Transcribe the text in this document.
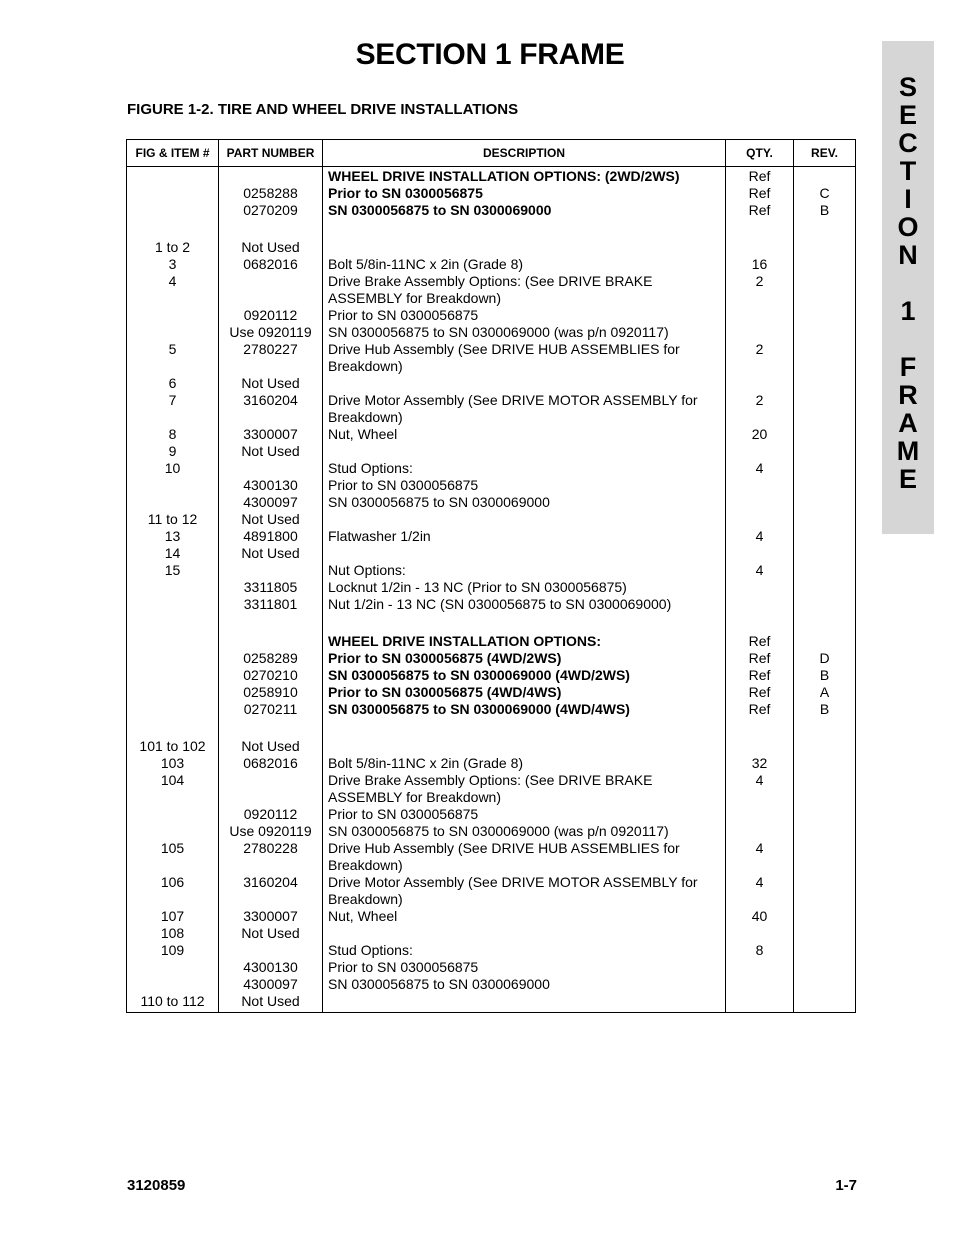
SECTION 1 FRAME
FIGURE 1-2. TIRE AND WHEEL DRIVE INSTALLATIONS
S
E
C
T
I
O
N
1
F
R
A
M
E
FIG & ITEM #	PART NUMBER	DESCRIPTION	QTY.	REV.
		WHEEL DRIVE INSTALLATION OPTIONS: (2WD/2WS)	Ref	
	0258288	Prior to SN 0300056875	Ref	C
	0270209	SN 0300056875 to SN 0300069000	Ref	B

1 to 2	Not Used			
3	0682016	Bolt 5/8in-11NC x 2in (Grade 8)	16	
4		Drive Brake Assembly Options: (See DRIVE BRAKE ASSEMBLY for Breakdown)	2	
	0920112	Prior to SN 0300056875		
	Use 0920119	SN 0300056875 to SN 0300069000 (was p/n 0920117)		
5	2780227	Drive Hub Assembly (See DRIVE HUB ASSEMBLIES for Breakdown)	2	
6	Not Used			
7	3160204	Drive Motor Assembly (See DRIVE MOTOR ASSEMBLY for Breakdown)	2	
8	3300007	Nut, Wheel	20	
9	Not Used			
10		Stud Options:	4	
	4300130	Prior to SN 0300056875		
	4300097	SN 0300056875 to SN 0300069000		
11 to 12	Not Used			
13	4891800	Flatwasher 1/2in	4	
14	Not Used			
15		Nut Options:	4	
	3311805	Locknut 1/2in - 13 NC (Prior to SN 0300056875)		
	3311801	Nut 1/2in - 13 NC (SN 0300056875 to SN 0300069000)		

		WHEEL DRIVE INSTALLATION OPTIONS:	Ref	
	0258289	Prior to SN 0300056875 (4WD/2WS)	Ref	D
	0270210	SN 0300056875 to SN 0300069000 (4WD/2WS)	Ref	B
	0258910	Prior to SN 0300056875 (4WD/4WS)	Ref	A
	0270211	SN 0300056875 to SN 0300069000 (4WD/4WS)	Ref	B

101 to 102	Not Used			
103	0682016	Bolt 5/8in-11NC x 2in (Grade 8)	32	
104		Drive Brake Assembly Options: (See DRIVE BRAKE ASSEMBLY for Breakdown)	4	
	0920112	Prior to SN 0300056875		
	Use 0920119	SN 0300056875 to SN 0300069000 (was p/n 0920117)		
105	2780228	Drive Hub Assembly (See DRIVE HUB ASSEMBLIES for Breakdown)	4	
106	3160204	Drive Motor Assembly (See DRIVE MOTOR ASSEMBLY for Breakdown)	4	
107	3300007	Nut, Wheel	40	
108	Not Used			
109		Stud Options:	8	
	4300130	Prior to SN 0300056875		
	4300097	SN 0300056875 to SN 0300069000		
110 to 112	Not Used			
3120859	1-7
